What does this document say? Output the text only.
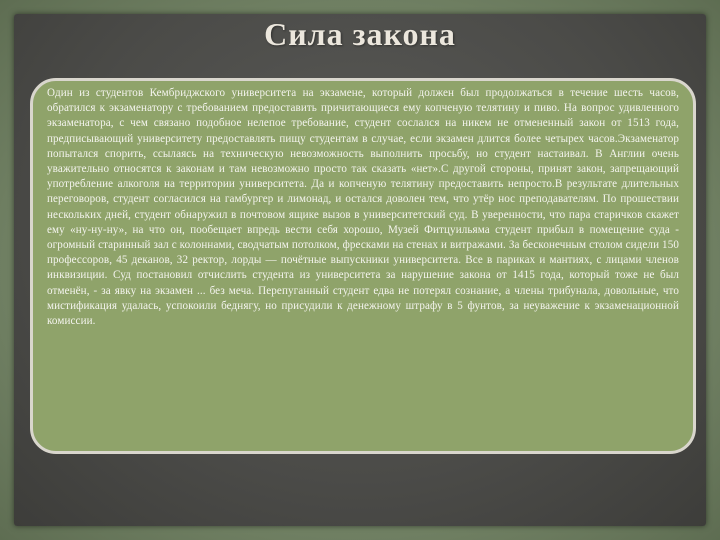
Сила закона

Один из студентов Кембриджского университета на экзамене, который должен был продолжаться в течение шесть часов, обратился к экзаменатору с требованием предоставить причитающиеся ему копченую телятину и пиво. На вопрос удивленного экзаменатора, с чем связано подобное нелепое требование, студент сослался на никем не отмененный закон от 1513 года, предписывающий университету предоставлять пищу студентам в случае, если экзамен длится более четырех часов.Экзаменатор попытался спорить, ссылаясь на техническую невозможность выполнить просьбу, но студент настаивал. В Англии очень уважительно относятся к законам и там невозможно просто так сказать «нет».С другой стороны, принят закон, запрещающий употребление алкоголя на территории университета. Да и копченую телятину предоставить непросто.В результате длительных переговоров, студент согласился на гамбургер и лимонад, и остался доволен тем, что утёр нос преподавателям. По прошествии нескольких дней, студент обнаружил в почтовом ящике вызов в университетский суд. В уверенности, что пара старичков скажет ему «ну-ну-ну», на что он, пообещает впредь вести себя хорошо, Музей Фитцуильяма студент прибыл в помещение суда - огромный старинный зал с колоннами, сводчатым потолком, фресками на стенах и витражами. За бесконечным столом сидели 150 профессоров, 45 деканов, 32 ректор, лорды — почётные выпускники университета. Все в париках и мантиях, с лицами членов инквизиции. Суд постановил отчислить студента из университета за нарушение закона от 1415 года, который тоже не был отменён, - за явку на экзамен ... без меча. Перепуганный студент едва не потерял сознание, а члены трибунала, довольные, что мистификация удалась, успокоили беднягу, но присудили к денежному штрафу в 5 фунтов, за неуважение к экзаменационной комиссии.
